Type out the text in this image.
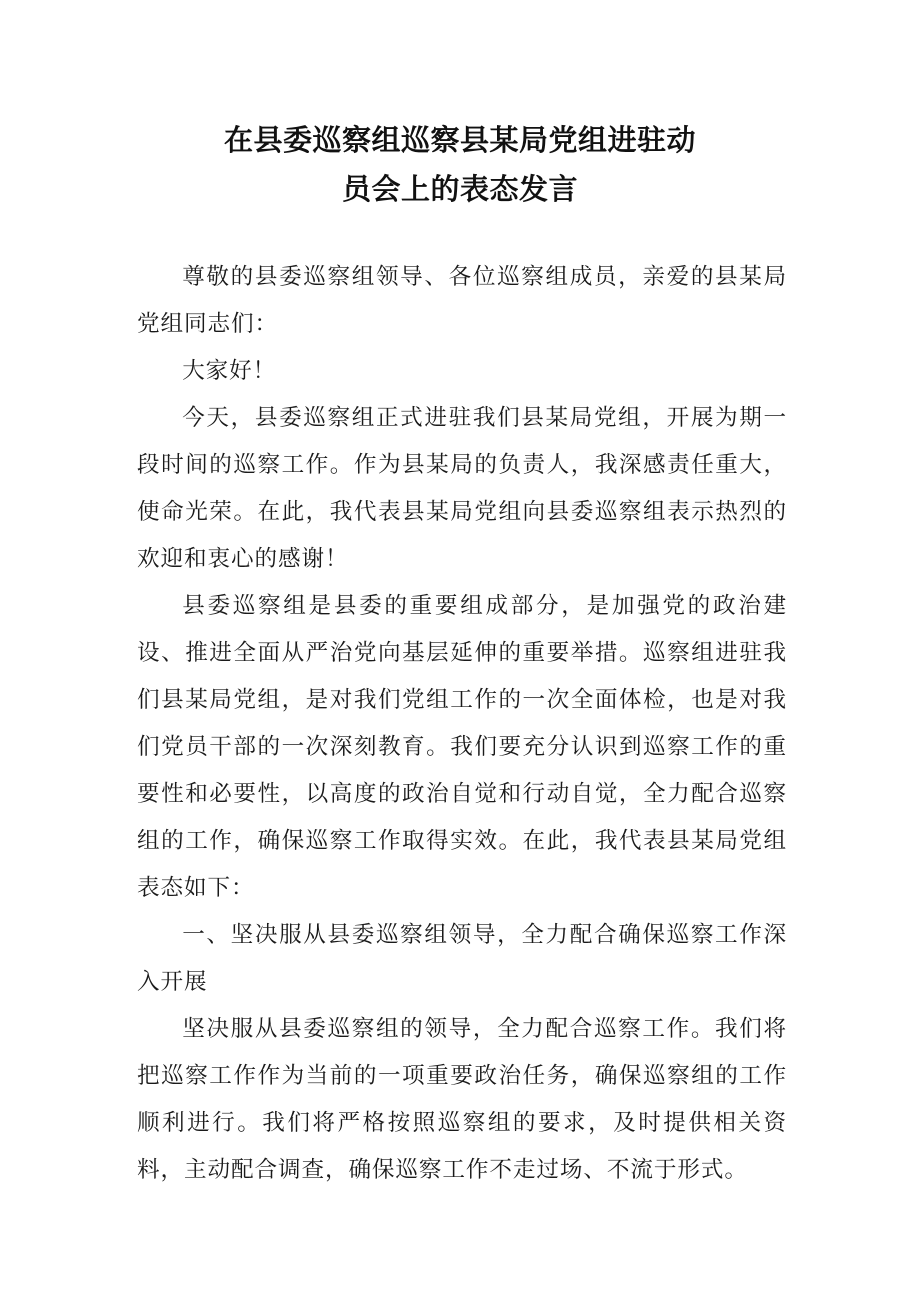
在县委巡察组巡察县某局党组进驻动
员会上的表态发言

尊敬的县委巡察组领导、各位巡察组成员，亲爱的县某局党组同志们：

大家好！

今天，县委巡察组正式进驻我们县某局党组，开展为期一段时间的巡察工作。作为县某局的负责人，我深感责任重大，使命光荣。在此，我代表县某局党组向县委巡察组表示热烈的欢迎和衷心的感谢！

县委巡察组是县委的重要组成部分，是加强党的政治建设、推进全面从严治党向基层延伸的重要举措。巡察组进驻我们县某局党组，是对我们党组工作的一次全面体检，也是对我们党员干部的一次深刻教育。我们要充分认识到巡察工作的重要性和必要性，以高度的政治自觉和行动自觉，全力配合巡察组的工作，确保巡察工作取得实效。在此，我代表县某局党组表态如下：

一、坚决服从县委巡察组领导，全力配合确保巡察工作深入开展

坚决服从县委巡察组的领导，全力配合巡察工作。我们将把巡察工作作为当前的一项重要政治任务，确保巡察组的工作顺利进行。我们将严格按照巡察组的要求，及时提供相关资料，主动配合调查，确保巡察工作不走过场、不流于形式。
